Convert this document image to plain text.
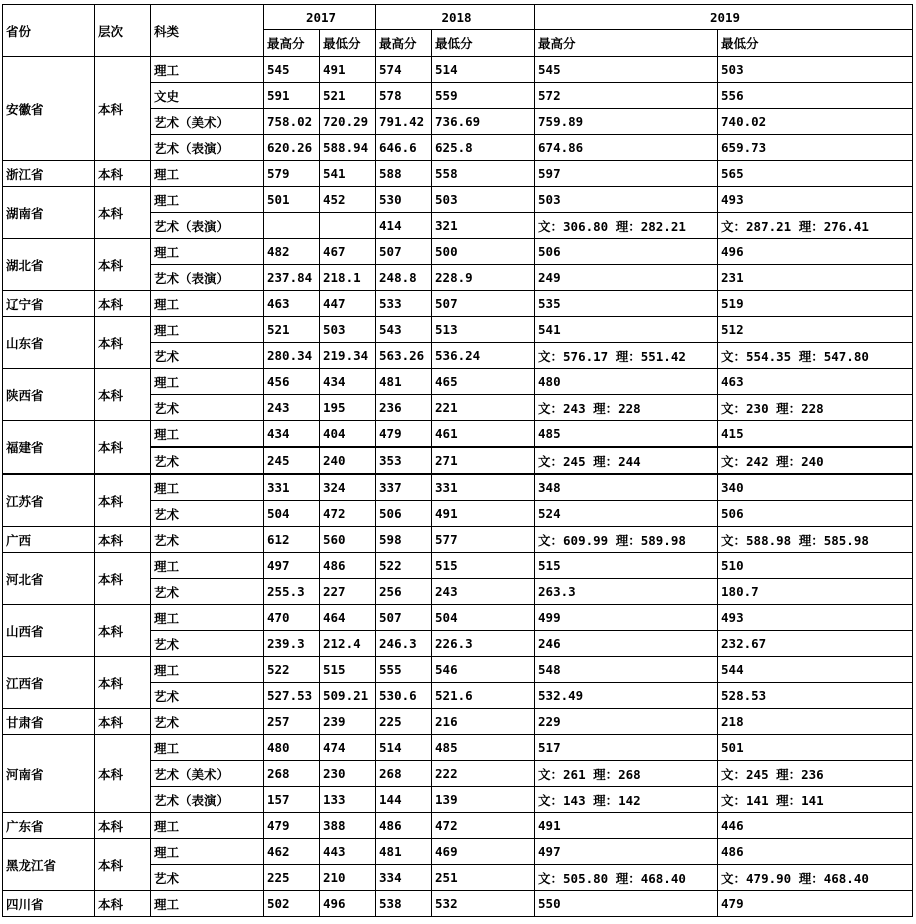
省份	层次	科类	2017		2018		2019	
			最高分	最低分	最高分	最低分	最高分	最低分
安徽省	本科	理工	545	491	574	514	545	503
		文史	591	521	578	559	572	556
		艺术（美术）	758.02	720.29	791.42	736.69	759.89	740.02
		艺术（表演）	620.26	588.94	646.6	625.8	674.86	659.73
浙江省	本科	理工	579	541	588	558	597	565
湖南省	本科	理工	501	452	530	503	503	493
		艺术（表演）			414	321	文：306.80 理：282.21	文：287.21 理：276.41
湖北省	本科	理工	482	467	507	500	506	496
		艺术（表演）	237.84	218.1	248.8	228.9	249	231
辽宁省	本科	理工	463	447	533	507	535	519
山东省	本科	理工	521	503	543	513	541	512
		艺术	280.34	219.34	563.26	536.24	文：576.17 理：551.42	文：554.35 理：547.80
陕西省	本科	理工	456	434	481	465	480	463
		艺术	243	195	236	221	文：243 理：228	文：230 理：228
福建省	本科	理工	434	404	479	461	485	415
		艺术	245	240	353	271	文：245 理：244	文：242 理：240
江苏省	本科	理工	331	324	337	331	348	340
		艺术	504	472	506	491	524	506
广西	本科	艺术	612	560	598	577	文：609.99 理：589.98	文：588.98 理：585.98
河北省	本科	理工	497	486	522	515	515	510
		艺术	255.3	227	256	243	263.3	180.7
山西省	本科	理工	470	464	507	504	499	493
		艺术	239.3	212.4	246.3	226.3	246	232.67
江西省	本科	理工	522	515	555	546	548	544
		艺术	527.53	509.21	530.6	521.6	532.49	528.53
甘肃省	本科	艺术	257	239	225	216	229	218
河南省	本科	理工	480	474	514	485	517	501
		艺术（美术）	268	230	268	222	文：261 理：268	文：245 理：236
		艺术（表演）	157	133	144	139	文：143 理：142	文：141 理：141
广东省	本科	理工	479	388	486	472	491	446
黑龙江省	本科	理工	462	443	481	469	497	486
		艺术	225	210	334	251	文：505.80 理：468.40	文：479.90 理：468.40
四川省	本科	理工	502	496	538	532	550	479
